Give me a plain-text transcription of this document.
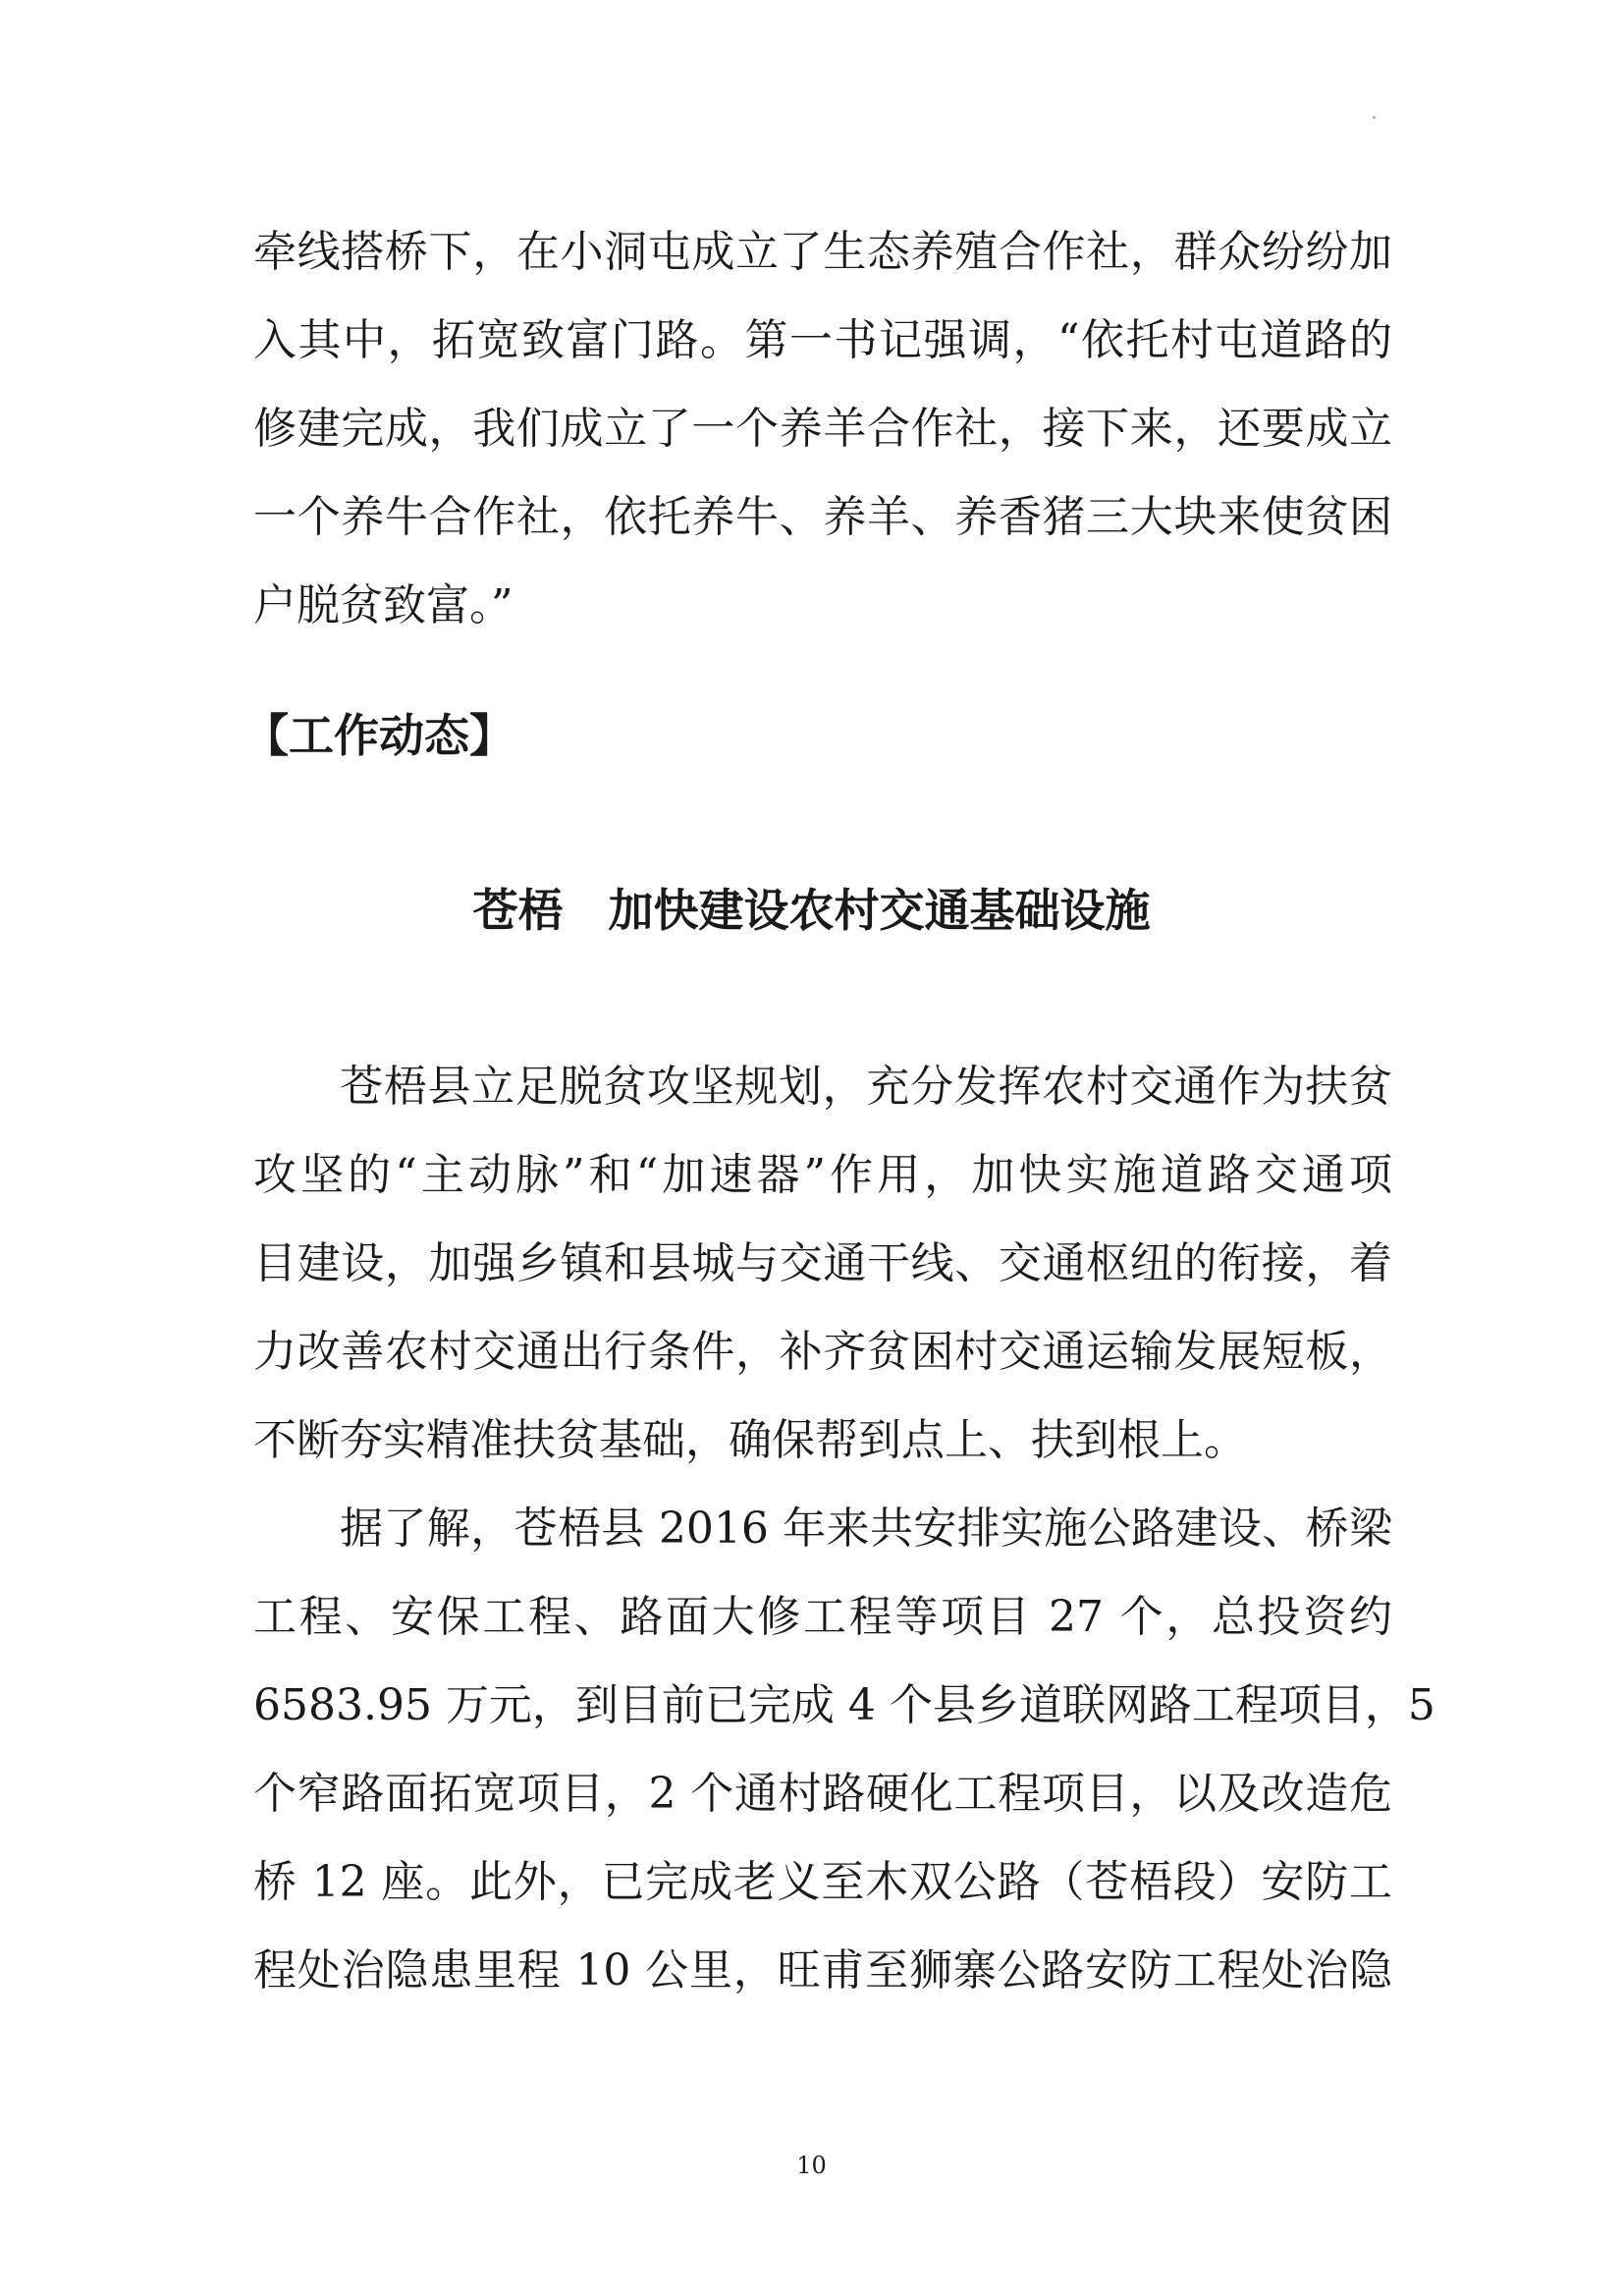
牵线搭桥下，在小洞屯成立了生态养殖合作社，群众纷纷加
入其中，拓宽致富门路。第一书记强调，“依托村屯道路的
修建完成，我们成立了一个养羊合作社，接下来，还要成立
一个养牛合作社，依托养牛、养羊、养香猪三大块来使贫困
户脱贫致富。”
【工作动态】
苍梧　加快建设农村交通基础设施
苍梧县立足脱贫攻坚规划，充分发挥农村交通作为扶贫
攻坚的“主动脉”和“加速器”作用，加快实施道路交通项
目建设，加强乡镇和县城与交通干线、交通枢纽的衔接，着
力改善农村交通出行条件，补齐贫困村交通运输发展短板，
不断夯实精准扶贫基础，确保帮到点上、扶到根上。
据了解，苍梧县 2016 年来共安排实施公路建设、桥梁
工程、安保工程、路面大修工程等项目 27 个，总投资约
6583.95 万元，到目前已完成 4 个县乡道联网路工程项目，5
个窄路面拓宽项目，2 个通村路硬化工程项目，以及改造危
桥 12 座。此外，已完成老义至木双公路（苍梧段）安防工
程处治隐患里程 10 公里，旺甫至狮寨公路安防工程处治隐
10
